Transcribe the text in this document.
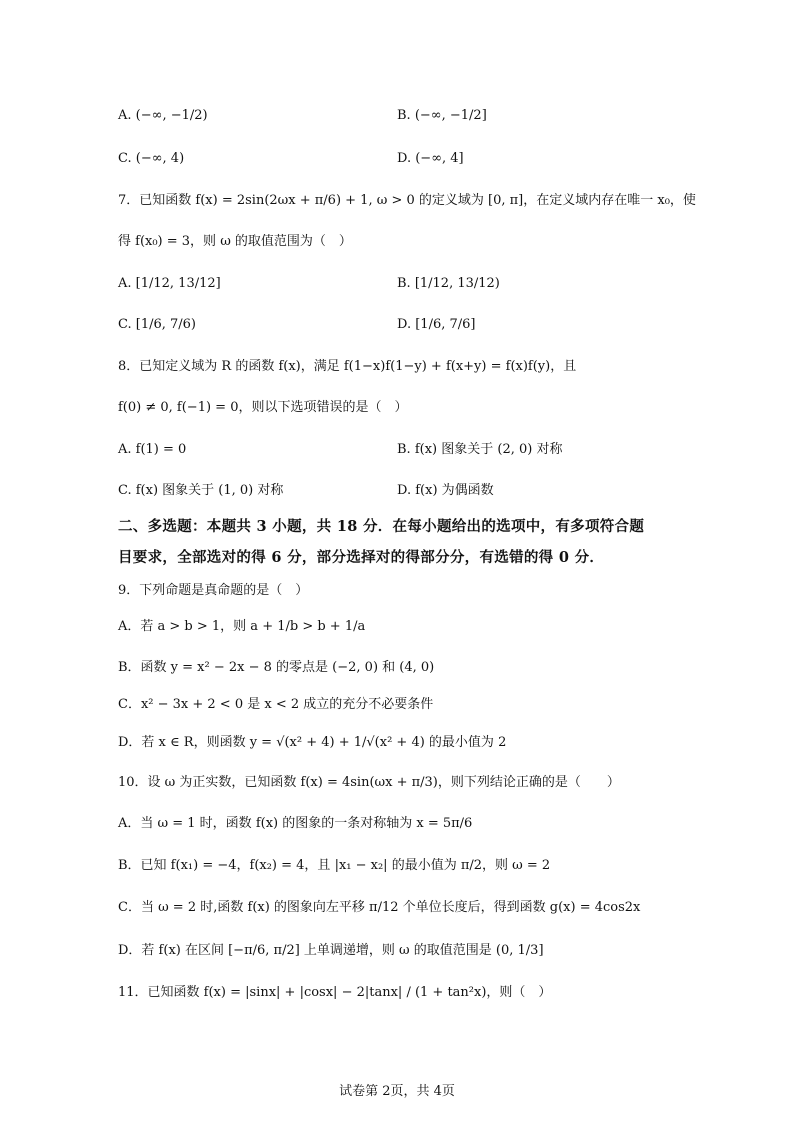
A. (−∞, −1/2)	B. (−∞, −1/2]
C. (−∞, 4)	D. (−∞, 4]
7．已知函数 f(x) = 2sin(2ωx + π/6) + 1, ω > 0 的定义域为 [0, π]，在定义域内存在唯一 x₀，使
得 f(x₀) = 3，则 ω 的取值范围为（　）
A. [1/12, 13/12]	B. [1/12, 13/12)
C. [1/6, 7/6)	D. [1/6, 7/6]
8．已知定义域为 R 的函数 f(x)，满足 f(1−x)f(1−y) + f(x+y) = f(x)f(y)，且
f(0) ≠ 0, f(−1) = 0，则以下选项错误的是（　）
A. f(1) = 0	B. f(x) 图象关于 (2, 0) 对称
C. f(x) 图象关于 (1, 0) 对称	D. f(x) 为偶函数
二、多选题：本题共 3 小题，共 18 分．在每小题给出的选项中，有多项符合题
目要求，全部选对的得 6 分，部分选择对的得部分分，有选错的得 0 分．
9．下列命题是真命题的是（　）
A．若 a > b > 1，则 a + 1/b > b + 1/a
B．函数 y = x² − 2x − 8 的零点是 (−2, 0) 和 (4, 0)
C．x² − 3x + 2 < 0 是 x < 2 成立的充分不必要条件
D．若 x ∈ R，则函数 y = √(x² + 4) + 1/√(x² + 4) 的最小值为 2
10．设 ω 为正实数，已知函数 f(x) = 4sin(ωx + π/3)，则下列结论正确的是（　　）
A．当 ω = 1 时，函数 f(x) 的图象的一条对称轴为 x = 5π/6
B．已知 f(x₁) = −4，f(x₂) = 4，且 |x₁ − x₂| 的最小值为 π/2，则 ω = 2
C．当 ω = 2 时,函数 f(x) 的图象向左平移 π/12 个单位长度后，得到函数 g(x) = 4cos2x
D．若 f(x) 在区间 [−π/6, π/2] 上单调递增，则 ω 的取值范围是 (0, 1/3]
11．已知函数 f(x) = |sinx| + |cosx| − 2|tanx| / (1 + tan²x)，则（　）
试卷第 2页，共 4页
